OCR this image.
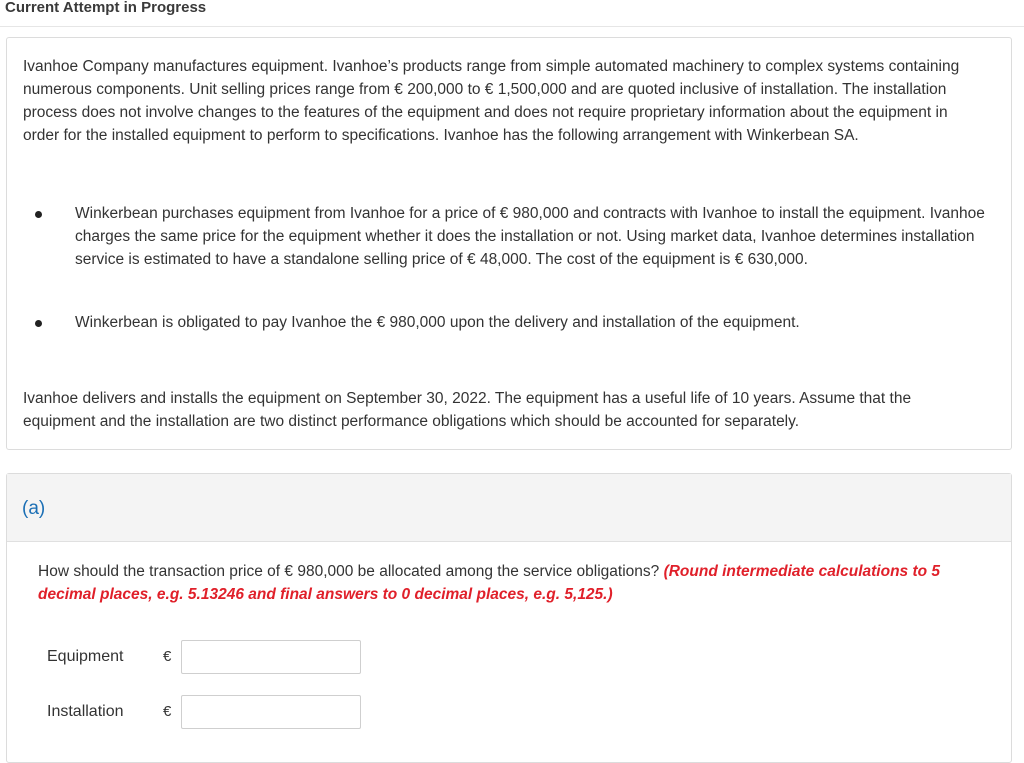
Current Attempt in Progress
Ivanhoe Company manufactures equipment. Ivanhoe’s products range from simple automated machinery to complex systems containing numerous components. Unit selling prices range from € 200,000 to € 1,500,000 and are quoted inclusive of installation. The installation process does not involve changes to the features of the equipment and does not require proprietary information about the equipment in order for the installed equipment to perform to specifications. Ivanhoe has the following arrangement with Winkerbean SA.
Winkerbean purchases equipment from Ivanhoe for a price of € 980,000 and contracts with Ivanhoe to install the equipment. Ivanhoe charges the same price for the equipment whether it does the installation or not. Using market data, Ivanhoe determines installation service is estimated to have a standalone selling price of € 48,000. The cost of the equipment is € 630,000.
Winkerbean is obligated to pay Ivanhoe the € 980,000 upon the delivery and installation of the equipment.
Ivanhoe delivers and installs the equipment on September 30, 2022. The equipment has a useful life of 10 years. Assume that the equipment and the installation are two distinct performance obligations which should be accounted for separately.
(a)
How should the transaction price of € 980,000 be allocated among the service obligations? (Round intermediate calculations to 5 decimal places, e.g. 5.13246 and final answers to 0 decimal places, e.g. 5,125.)
Equipment	€
Installation	€
